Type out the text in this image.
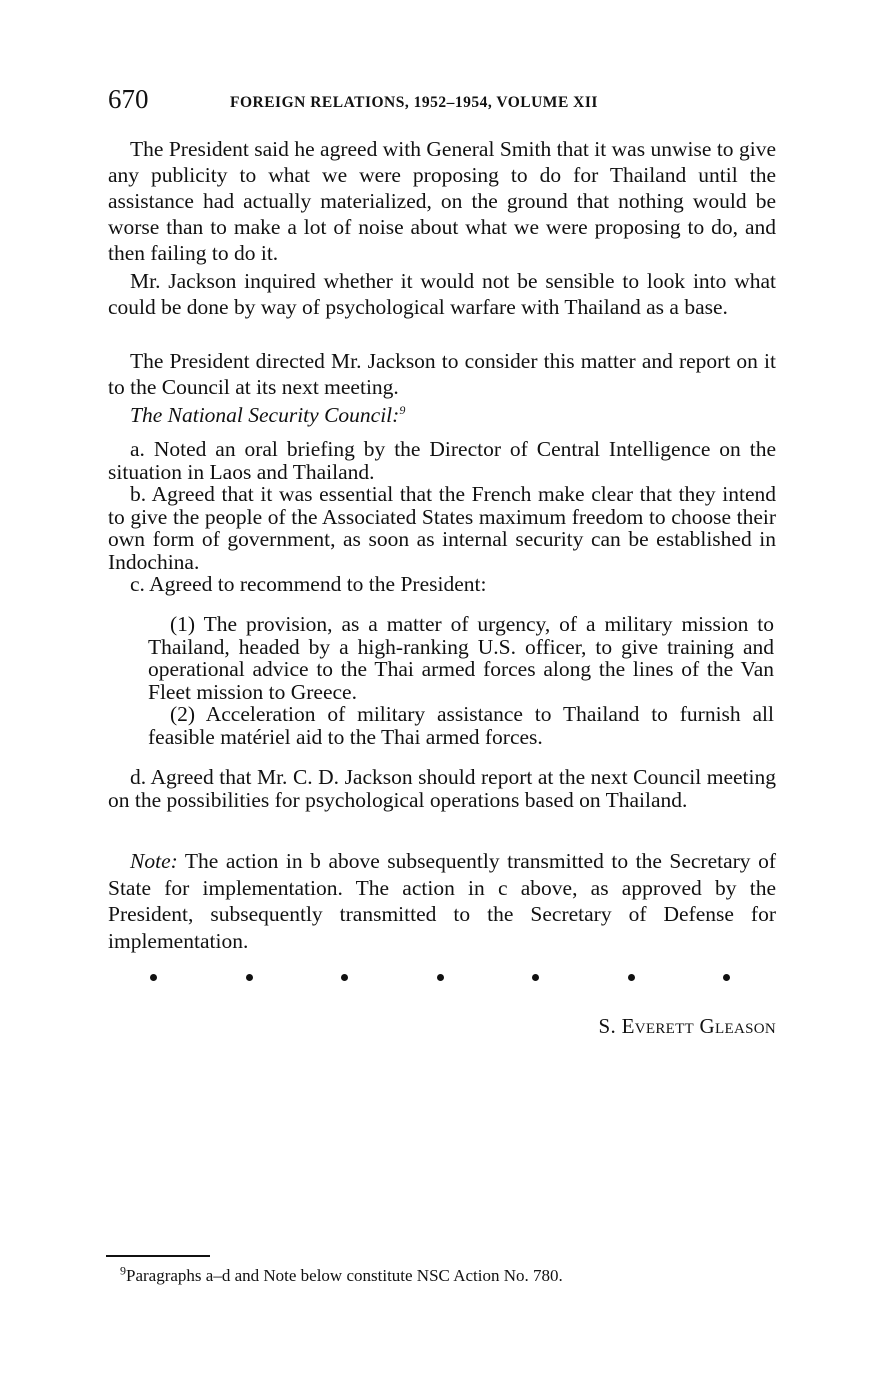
670	FOREIGN RELATIONS, 1952–1954, VOLUME XII
The President said he agreed with General Smith that it was unwise to give any publicity to what we were proposing to do for Thailand until the assistance had actually materialized, on the ground that nothing would be worse than to make a lot of noise about what we were proposing to do, and then failing to do it.
Mr. Jackson inquired whether it would not be sensible to look into what could be done by way of psychological warfare with Thailand as a base.
The President directed Mr. Jackson to consider this matter and report on it to the Council at its next meeting.
The National Security Council:$^9$
a. Noted an oral briefing by the Director of Central Intelligence on the situation in Laos and Thailand.
b. Agreed that it was essential that the French make clear that they intend to give the people of the Associated States maximum freedom to choose their own form of government, as soon as internal security can be established in Indochina.
c. Agreed to recommend to the President:
(1) The provision, as a matter of urgency, of a military mission to Thailand, headed by a high-ranking U.S. officer, to give training and operational advice to the Thai armed forces along the lines of the Van Fleet mission to Greece.
(2) Acceleration of military assistance to Thailand to furnish all feasible matériel aid to the Thai armed forces.
d. Agreed that Mr. C. D. Jackson should report at the next Council meeting on the possibilities for psychological operations based on Thailand.
Note: The action in b above subsequently transmitted to the Secretary of State for implementation. The action in c above, as approved by the President, subsequently transmitted to the Secretary of Defense for implementation.
S. Everett Gleason
$^9$Paragraphs a–d and Note below constitute NSC Action No. 780.
